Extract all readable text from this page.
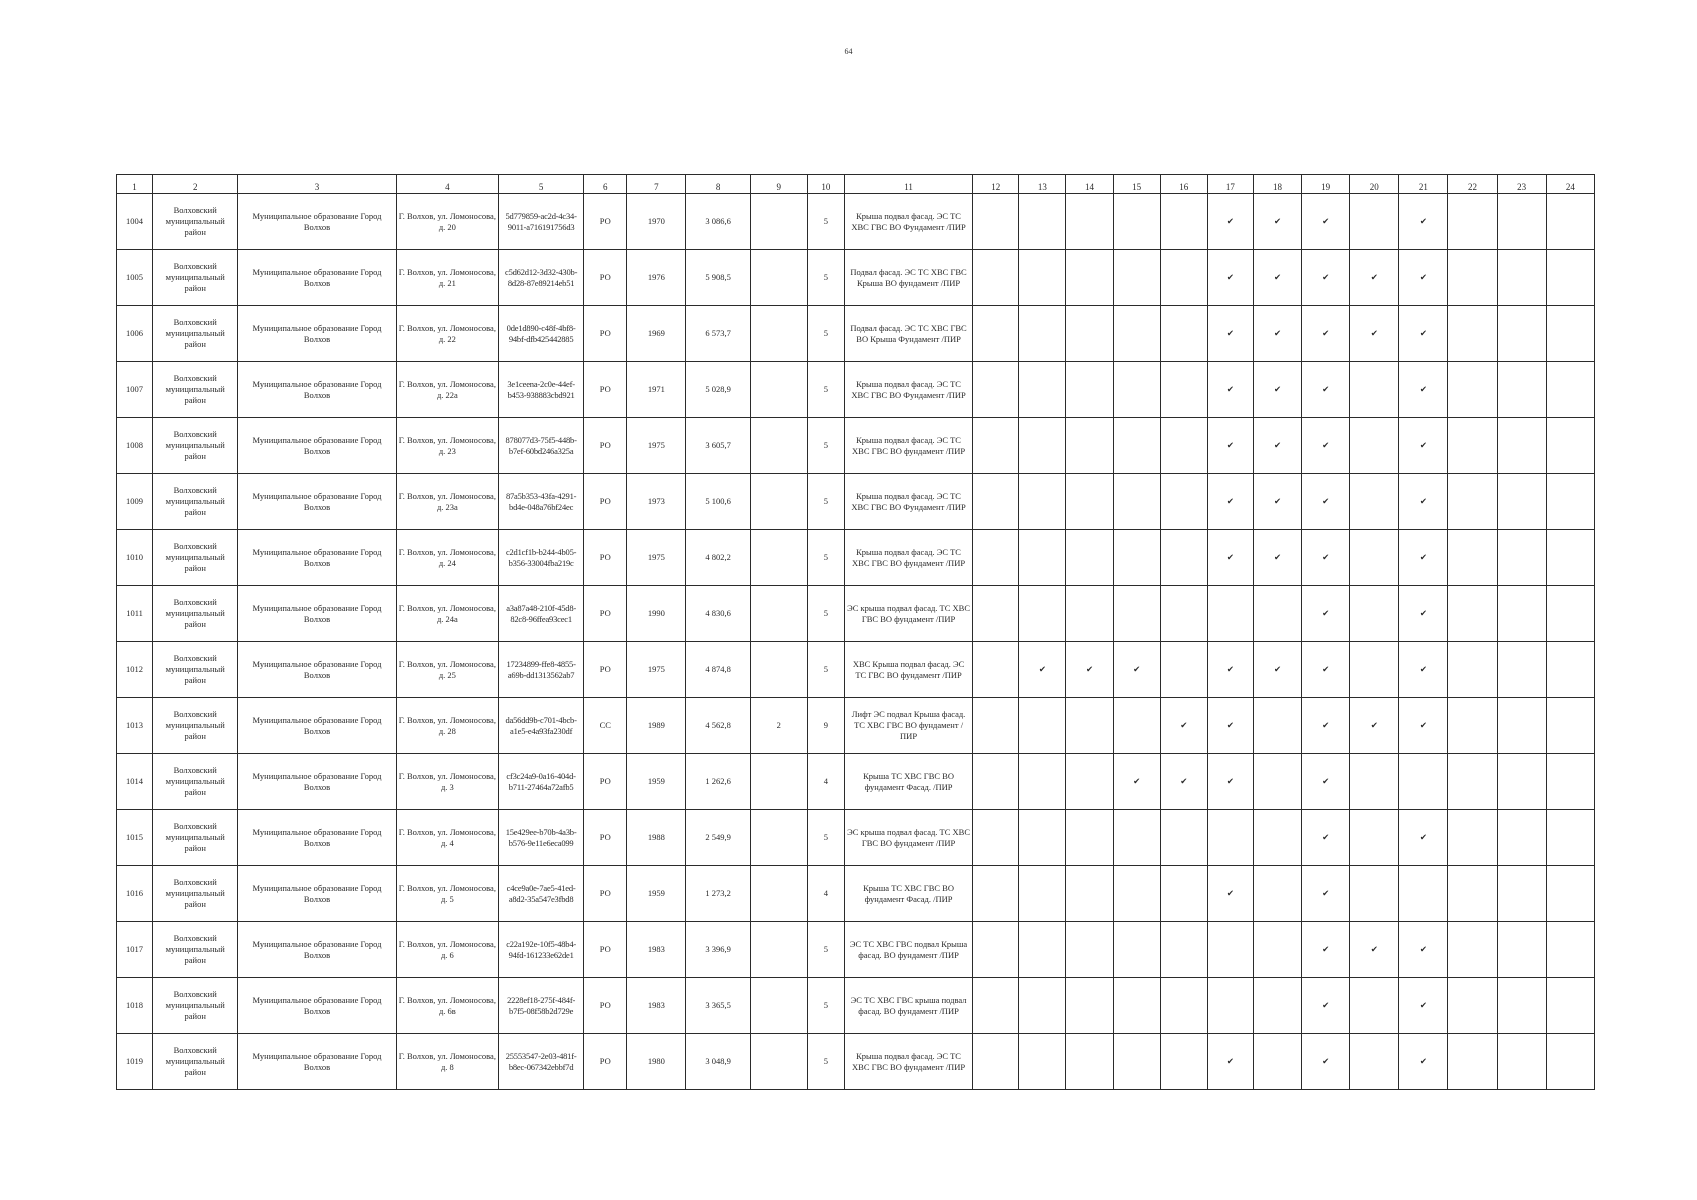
64
1	2	3	4	5	6	7	8	9	10	11	12	13	14	15	16	17	18	19	20	21	22	23	24
1004	Волховский муниципальный район	Муниципальное образование Город Волхов	Г. Волхов, ул. Ломоносова, д. 20	5d779859-ac2d-4c34-9011-a716191756d3	РО	1970	3 086,6		5	Крыша подвал фасад. ЭС ТС ХВС ГВС ВО Фундамент /ПИР						✔	✔	✔		✔			
1005	Волховский муниципальный район	Муниципальное образование Город Волхов	Г. Волхов, ул. Ломоносова, д. 21	c5d62d12-3d32-430b-8d28-87e89214eb51	РО	1976	5 908,5		5	Подвал фасад. ЭС ТС ХВС ГВС Крыша ВО фундамент /ПИР						✔	✔	✔	✔	✔			
1006	Волховский муниципальный район	Муниципальное образование Город Волхов	Г. Волхов, ул. Ломоносова, д. 22	0de1d890-c48f-4bf8-94bf-dfb425442885	РО	1969	6 573,7		5	Подвал фасад. ЭС ТС ХВС ГВС ВО Крыша Фундамент /ПИР						✔	✔	✔	✔	✔			
1007	Волховский муниципальный район	Муниципальное образование Город Волхов	Г. Волхов, ул. Ломоносова, д. 22а	3e1ceena-2c0e-44ef-b453-938883cbd921	РО	1971	5 028,9		5	Крыша подвал фасад. ЭС ТС ХВС ГВС ВО Фундамент /ПИР						✔	✔	✔		✔			
1008	Волховский муниципальный район	Муниципальное образование Город Волхов	Г. Волхов, ул. Ломоносова, д. 23	878077d3-75f5-448b-b7ef-60bd246a325a	РО	1975	3 605,7		5	Крыша подвал фасад. ЭС ТС ХВС ГВС ВО фундамент /ПИР						✔	✔	✔		✔			
1009	Волховский муниципальный район	Муниципальное образование Город Волхов	Г. Волхов, ул. Ломоносова, д. 23а	87a5b353-43fa-4291-bd4e-048a76bf24ec	РО	1973	5 100,6		5	Крыша подвал фасад. ЭС ТС ХВС ГВС ВО Фундамент /ПИР						✔	✔	✔		✔			
1010	Волховский муниципальный район	Муниципальное образование Город Волхов	Г. Волхов, ул. Ломоносова, д. 24	c2d1cf1b-b244-4b05-b356-33004fba219c	РО	1975	4 802,2		5	Крыша подвал фасад. ЭС ТС ХВС ГВС ВО фундамент /ПИР						✔	✔	✔		✔			
1011	Волховский муниципальный район	Муниципальное образование Город Волхов	Г. Волхов, ул. Ломоносова, д. 24а	a3a87a48-210f-45d8-82c8-96ffea93cec1	РО	1990	4 830,6		5	ЭС крыша подвал фасад. ТС ХВС ГВС ВО фундамент /ПИР								✔		✔			
1012	Волховский муниципальный район	Муниципальное образование Город Волхов	Г. Волхов, ул. Ломоносова, д. 25	17234899-ffe8-4855-a69b-dd1313562ab7	РО	1975	4 874,8		5	ХВС Крыша подвал фасад. ЭС ТС ГВС ВО фундамент /ПИР		✔	✔	✔		✔	✔	✔		✔			
1013	Волховский муниципальный район	Муниципальное образование Город Волхов	Г. Волхов, ул. Ломоносова, д. 28	da56dd9b-c701-4bcb-a1e5-e4a93fa230df	СС	1989	4 562,8	2	9	Лифт ЭС подвал Крыша фасад. ТС ХВС ГВС ВО фундамент /ПИР					✔	✔		✔	✔	✔			
1014	Волховский муниципальный район	Муниципальное образование Город Волхов	Г. Волхов, ул. Ломоносова, д. 3	cf3c24a9-0a16-404d-b711-27464a72afb5	РО	1959	1 262,6		4	Крыша ТС ХВС ГВС ВО фундамент Фасад. /ПИР				✔	✔	✔		✔					
1015	Волховский муниципальный район	Муниципальное образование Город Волхов	Г. Волхов, ул. Ломоносова, д. 4	15e429ee-b70b-4a3b-b576-9e11e6eca099	РО	1988	2 549,9		5	ЭС крыша подвал фасад. ТС ХВС ГВС ВО фундамент /ПИР								✔		✔			
1016	Волховский муниципальный район	Муниципальное образование Город Волхов	Г. Волхов, ул. Ломоносова, д. 5	c4ce9a0e-7ae5-41ed-a8d2-35a547e3fbd8	РО	1959	1 273,2		4	Крыша ТС ХВС ГВС ВО фундамент Фасад. /ПИР						✔		✔					
1017	Волховский муниципальный район	Муниципальное образование Город Волхов	Г. Волхов, ул. Ломоносова, д. 6	c22a192e-10f5-48b4-94fd-161233e62de1	РО	1983	3 396,9		5	ЭС ТС ХВС ГВС подвал Крыша фасад. ВО фундамент /ПИР								✔	✔	✔			
1018	Волховский муниципальный район	Муниципальное образование Город Волхов	Г. Волхов, ул. Ломоносова, д. 6в	2228ef18-275f-484f-b7f5-08f58b2d729e	РО	1983	3 365,5		5	ЭС ТС ХВС ГВС крыша подвал фасад. ВО фундамент /ПИР								✔		✔			
1019	Волховский муниципальный район	Муниципальное образование Город Волхов	Г. Волхов, ул. Ломоносова, д. 8	25553547-2e03-481f-b8ec-067342ebbf7d	РО	1980	3 048,9		5	Крыша подвал фасад. ЭС ТС ХВС ГВС ВО фундамент /ПИР						✔		✔		✔			
